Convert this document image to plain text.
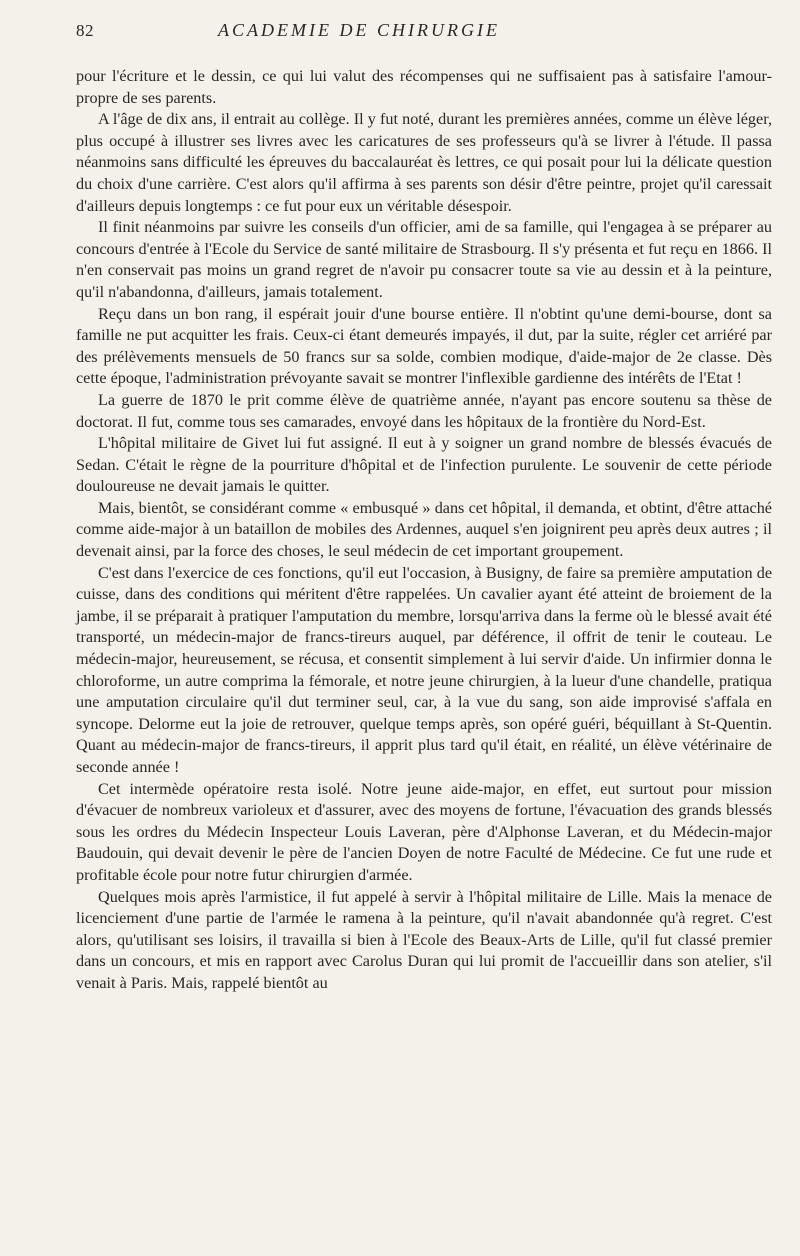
82	ACADEMIE DE CHIRURGIE

pour l'écriture et le dessin, ce qui lui valut des récompenses qui ne suffisaient pas à satisfaire l'amour-propre de ses parents.

A l'âge de dix ans, il entrait au collège. Il y fut noté, durant les premières années, comme un élève léger, plus occupé à illustrer ses livres avec les caricatures de ses professeurs qu'à se livrer à l'étude. Il passa néanmoins sans difficulté les épreuves du baccalauréat ès lettres, ce qui posait pour lui la délicate question du choix d'une carrière. C'est alors qu'il affirma à ses parents son désir d'être peintre, projet qu'il caressait d'ailleurs depuis longtemps : ce fut pour eux un véritable désespoir.

Il finit néanmoins par suivre les conseils d'un officier, ami de sa famille, qui l'engagea à se préparer au concours d'entrée à l'Ecole du Service de santé militaire de Strasbourg. Il s'y présenta et fut reçu en 1866. Il n'en conservait pas moins un grand regret de n'avoir pu consacrer toute sa vie au dessin et à la peinture, qu'il n'abandonna, d'ailleurs, jamais totalement.

Reçu dans un bon rang, il espérait jouir d'une bourse entière. Il n'obtint qu'une demi-bourse, dont sa famille ne put acquitter les frais. Ceux-ci étant demeurés impayés, il dut, par la suite, régler cet arriéré par des prélèvements mensuels de 50 francs sur sa solde, combien modique, d'aide-major de 2e classe. Dès cette époque, l'administration prévoyante savait se montrer l'inflexible gardienne des intérêts de l'Etat !

La guerre de 1870 le prit comme élève de quatrième année, n'ayant pas encore soutenu sa thèse de doctorat. Il fut, comme tous ses camarades, envoyé dans les hôpitaux de la frontière du Nord-Est.

L'hôpital militaire de Givet lui fut assigné. Il eut à y soigner un grand nombre de blessés évacués de Sedan. C'était le règne de la pourriture d'hôpital et de l'infection purulente. Le souvenir de cette période douloureuse ne devait jamais le quitter.

Mais, bientôt, se considérant comme « embusqué » dans cet hôpital, il demanda, et obtint, d'être attaché comme aide-major à un bataillon de mobiles des Ardennes, auquel s'en joignirent peu après deux autres ; il devenait ainsi, par la force des choses, le seul médecin de cet important groupement.

C'est dans l'exercice de ces fonctions, qu'il eut l'occasion, à Busigny, de faire sa première amputation de cuisse, dans des conditions qui méritent d'être rappelées. Un cavalier ayant été atteint de broiement de la jambe, il se préparait à pratiquer l'amputation du membre, lorsqu'arriva dans la ferme où le blessé avait été transporté, un médecin-major de francs-tireurs auquel, par déférence, il offrit de tenir le couteau. Le médecin-major, heureusement, se récusa, et consentit simplement à lui servir d'aide. Un infirmier donna le chloroforme, un autre comprima la fémorale, et notre jeune chirurgien, à la lueur d'une chandelle, pratiqua une amputation circulaire qu'il dut terminer seul, car, à la vue du sang, son aide improvisé s'affala en syncope. Delorme eut la joie de retrouver, quelque temps après, son opéré guéri, béquillant à St-Quentin. Quant au médecin-major de francs-tireurs, il apprit plus tard qu'il était, en réalité, un élève vétérinaire de seconde année !

Cet intermède opératoire resta isolé. Notre jeune aide-major, en effet, eut surtout pour mission d'évacuer de nombreux varioleux et d'assurer, avec des moyens de fortune, l'évacuation des grands blessés sous les ordres du Médecin Inspecteur Louis Laveran, père d'Alphonse Laveran, et du Médecin-major Baudouin, qui devait devenir le père de l'ancien Doyen de notre Faculté de Médecine. Ce fut une rude et profitable école pour notre futur chirurgien d'armée.

Quelques mois après l'armistice, il fut appelé à servir à l'hôpital militaire de Lille. Mais la menace de licenciement d'une partie de l'armée le ramena à la peinture, qu'il n'avait abandonnée qu'à regret. C'est alors, qu'utilisant ses loisirs, il travailla si bien à l'Ecole des Beaux-Arts de Lille, qu'il fut classé premier dans un concours, et mis en rapport avec Carolus Duran qui lui promit de l'accueillir dans son atelier, s'il venait à Paris. Mais, rappelé bientôt au
